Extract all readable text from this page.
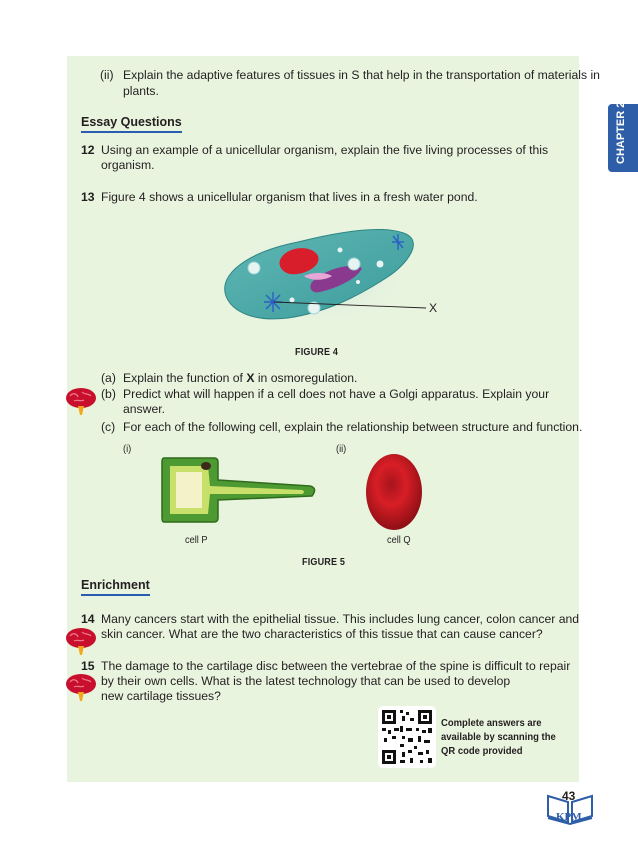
CHAPTER 2
(ii) Explain the adaptive features of tissues in S that help in the transportation of materials in
plants.
Essay Questions
12 Using an example of a unicellular organism, explain the five living processes of this
organism.
13 Figure 4 shows a unicellular organism that lives in a fresh water pond.
X
FIGURE 4
(a) Explain the function of X in osmoregulation.
(b) Predict what will happen if a cell does not have a Golgi apparatus. Explain your
answer.
(c) For each of the following cell, explain the relationship between structure and function.
(i)	(ii)
cell P	cell Q
FIGURE 5
Enrichment
14 Many cancers start with the epithelial tissue. This includes lung cancer, colon cancer and
skin cancer. What are the two characteristics of this tissue that can cause cancer?
15 The damage to the cartilage disc between the vertebrae of the spine is difficult to repair
by their own cells. What is the latest technology that can be used to develop
new cartilage tissues?
Complete answers are
available by scanning the
QR code provided
43
KPM
